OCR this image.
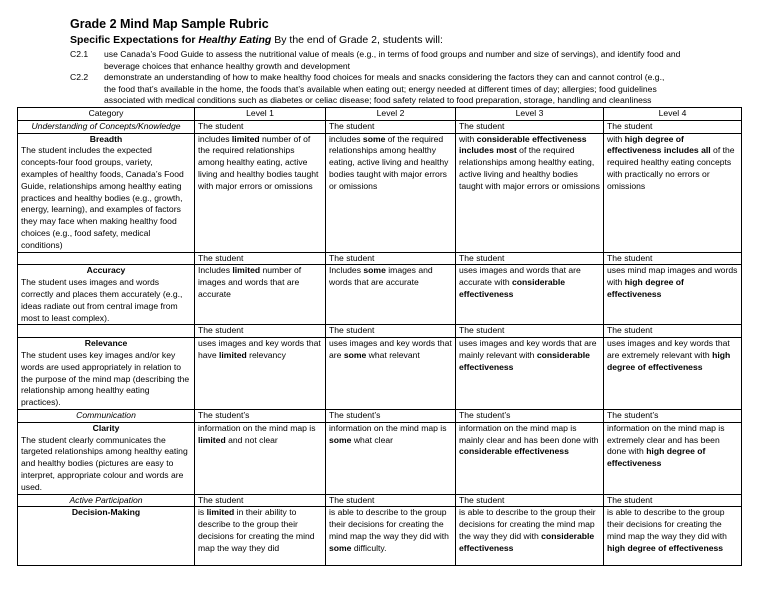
Grade 2 Mind Map Sample Rubric
Specific Expectations for Healthy Eating By the end of Grade 2, students will:
C2.1	use Canada’s Food Guide to assess the nutritional value of meals (e.g., in terms of food groups and number and size of servings), and identify food and
beverage choices that enhance healthy growth and development
C2.2	demonstrate an understanding of how to make healthy food choices for meals and snacks considering the factors they can and cannot control (e.g.,
the food that’s available in the home, the foods that’s available when eating out; energy needed at different times of day; allergies; food guidelines
associated with medical conditions such as diabetes or celiac disease; food safety related to food preparation, storage, handling and cleanliness
Category	Level 1	Level 2	Level 3	Level 4
Understanding of Concepts/Knowledge	The student	The student	The student	The student

Breadth
The student includes the expected concepts-four food groups, variety, examples of healthy foods, Canada’s Food Guide, relationships among healthy eating practices and healthy bodies (e.g., growth, energy, learning), and examples of factors they may face when making healthy food choices (e.g., food safety, medical conditions)	includes limited number of of the required relationships among healthy eating, active living and healthy bodies taught with major errors or omissions	includes some of the required relationships among healthy eating, active living and healthy bodies taught with major errors or omissions	with considerable effectiveness includes most of the required relationships among healthy eating, active living and healthy bodies taught with major errors or omissions	with high degree of effectiveness includes all of the required healthy eating concepts with practically no errors or omissions
	The student	The student	The student	The student

Accuracy
The student uses images and words correctly and places them accurately (e.g., ideas radiate out from central image from most to least complex).	Includes limited number of images and words that are accurate	Includes some images and words that are accurate	uses images and words that are accurate with considerable effectiveness	uses mind map images and words with high degree of effectiveness
	The student	The student	The student	The student

Relevance
The student uses key images and/or key words are used appropriately in relation to the purpose of the mind map (describing the relationship among healthy eating practices).	uses images and key words that have limited relevancy	uses images and key words that are some what relevant	uses images and key words that are mainly relevant with considerable effectiveness	uses images and key words that are extremely relevant with high degree of effectiveness
Communication	The student’s	The student’s	The student’s	The student’s

Clarity
The student clearly communicates the targeted relationships among healthy eating and healthy bodies (pictures are easy to interpret, appropriate colour and words are used.	information on the mind map is limited and not clear	information on the mind map is some what clear	information on the mind map is mainly clear and has been done with considerable effectiveness	information on the mind map is extremely clear and has been done with high degree of effectiveness
Active Participation	The student	The student	The student	The student

Decision-Making	is limited in their ability to describe to the group their decisions for creating the mind map the way they did	is able to describe to the group their decisions for creating the mind map the way they did with some difficulty.	is able to describe to the group their decisions for creating the mind map the way they did with considerable effectiveness	is able to describe to the group their decisions for creating the mind map the way they did with high degree of effectiveness
